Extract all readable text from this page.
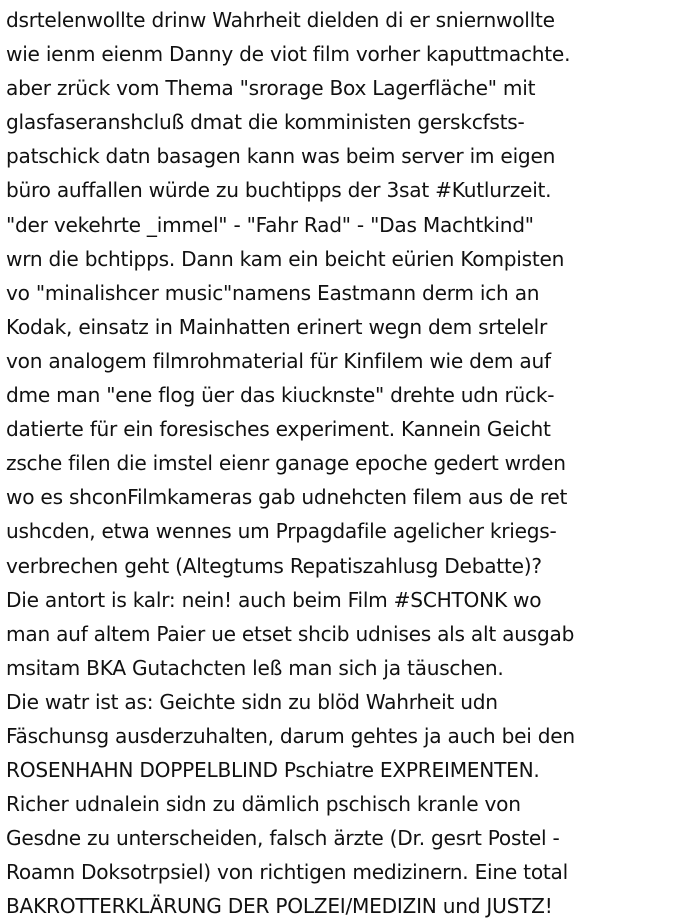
dsrtelenwollte drinw Wahrheit dielden di er sniernwollte
wie ienm eienm Danny de viot film vorher kaputtmachte.
aber zrück vom Thema "srorage Box Lagerfläche" mit
glasfaseranshcluß dmat die komministen gerskcfsts-
patschick datn basagen kann was beim server im eigen
büro auffallen würde zu buchtipps der 3sat #Kutlurzeit.
"der vekehrte _immel" - "Fahr Rad" - "Das Machtkind"
wrn die bchtipps. Dann kam ein beicht eürien Kompisten
vo "minalishcer music"namens Eastmann derm ich an
Kodak, einsatz in Mainhatten erinert wegn dem srtelelr
von analogem filmrohmaterial für Kinfilem wie dem auf
dme man "ene flog üer das kiucknste" drehte udn rück-
datierte für ein foresisches experiment. Kannein Geicht
zsche filen die imstel eienr ganage epoche gedert wrden
wo es shconFilmkameras gab udnehcten filem aus de ret
ushcden, etwa wennes um Prpagdafile agelicher kriegs-
verbrechen geht (Altegtums Repatiszahlusg Debatte)?
Die antort is kalr: nein! auch beim Film #SCHTONK wo
man auf altem Paier ue etset shcib udnises als alt ausgab
msitam BKA Gutachcten leß man sich ja täuschen.
Die watr ist as: Geichte sidn zu blöd Wahrheit udn
Fäschunsg ausderzuhalten, darum gehtes ja auch bei den
ROSENHAHN DOPPELBLIND Pschiatre EXPREIMENTEN.
Richer udnalein sidn zu dämlich pschisch kranle von
Gesdne zu unterscheiden, falsch ärzte (Dr. gesrt Postel -
Roamn Doksotrpsiel) von richtigen medizinern. Eine total
BAKROTTERKLÄRUNG DER POLZEI/MEDIZIN und JUSTZ!
